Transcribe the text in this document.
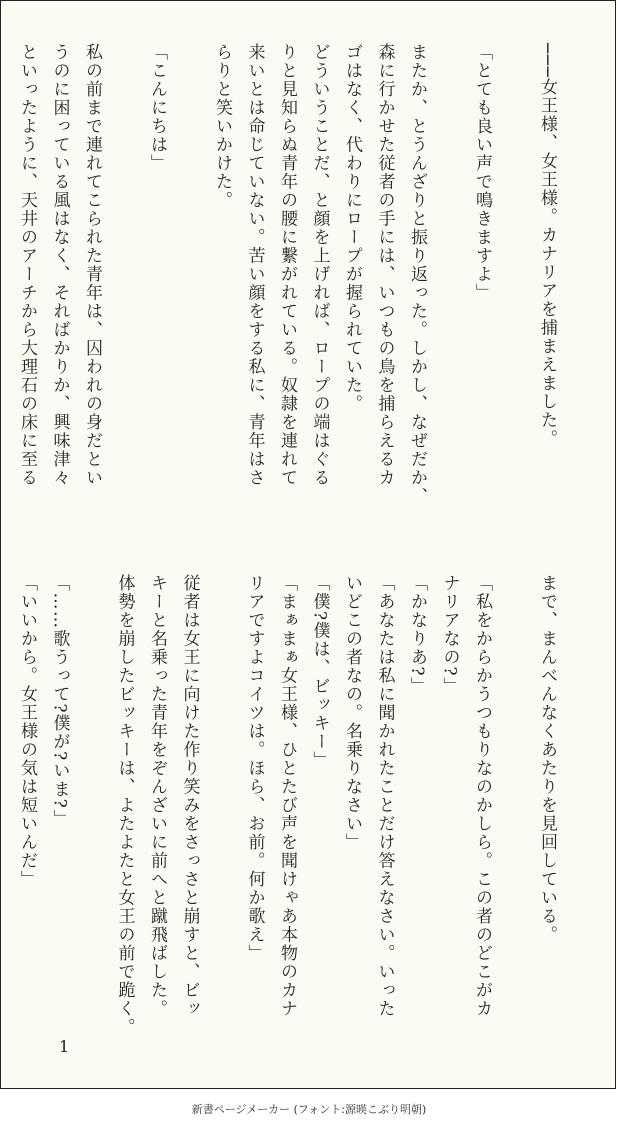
───女王様、女王様。カナリアを捕まえました。

「とても良い声で鳴きますよ」

またか、とうんざりと振り返った。しかし、なぜだか、
森に行かせた従者の手には、いつもの鳥を捕らえるカ
ゴはなく、代わりにロープが握られていた。
どういうことだ、と顔を上げれば、ロープの端はぐる
りと見知らぬ青年の腰に繋がれている。奴隷を連れて
来いとは命じていない。苦い顔をする私に、青年はさ
らりと笑いかけた。

「こんにちは」

私の前まで連れてこられた青年は、囚われの身だとい
うのに困っている風はなく、そればかりか、興味津々
といったように、天井のアーチから大理石の床に至る
まで、まんべんなくあたりを見回している。

「私をからかうつもりなのかしら。この者のどこがカ
ナリアなの?」
「かなりあ?」
「あなたは私に聞かれたことだけ答えなさい。いった
いどこの者なの。名乗りなさい」
「僕?僕は、ビッキー」
「まぁまぁ女王様、ひとたび声を聞けゃあ本物のカナ
リアですよコイツは。ほら、お前。何か歌え」

従者は女王に向けた作り笑みをさっさと崩すと、ビッ
キーと名乗った青年をぞんざいに前へと蹴飛ばした。
体勢を崩したビッキーは、よたよたと女王の前で跪く。

「……歌うって?僕が?いま?」
「いいから。女王様の気は短いんだ」
1
新書ページメーカー (フォント:源暎こぶり明朝)
